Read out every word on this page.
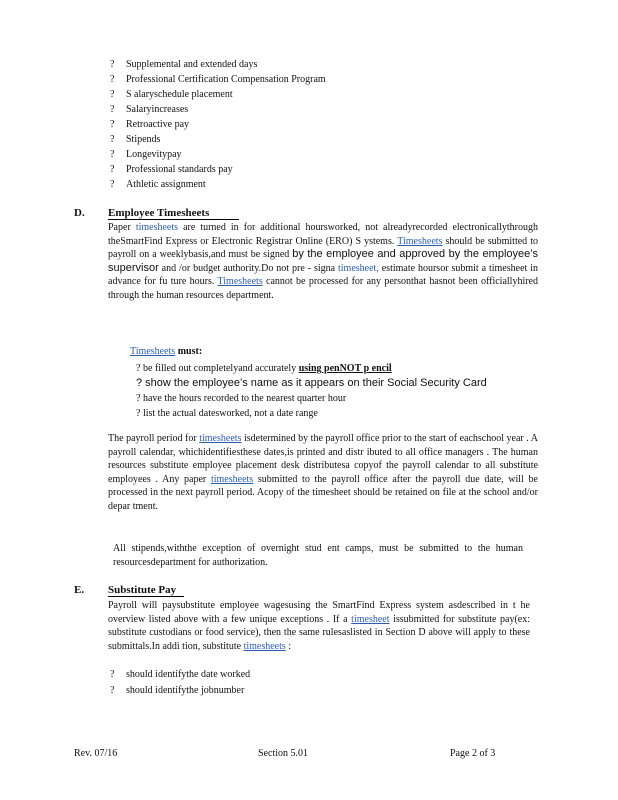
? Supplemental and extended days
? Professional Certification Compensation Program
? S alaryschedule placement
? Salaryincreases
? Retroactive pay
? Stipends
? Longevitypay
? Professional standards pay
? Athletic assignment
D. Employee Timesheets
Paper timesheets are turned in for additional hoursworked, not alreadyrecorded electronicallythrough theSmartFind Express or Electronic Registrar Online (ERO) S ystems. Timesheets should be submitted to payroll on a weeklybasis,and must be signed by the employee and approved by the employee’s supervisor and /or budget authority.Do not pre - signa timesheet, estimate hoursor submit a timesheet in advance for fu ture hours. Timesheets cannot be processed for any personthat hasnot been officiallyhired through the human resources department.
Timesheets must:
? be filled out completelyand accurately using penNOT p encil
? show the employee’s name as it appears on their Social Security Card
? have the hours recorded to the nearest quarter hour
? list the actual datesworked, not a date range
The payroll period for timesheets isdetermined by the payroll office prior to the start of eachschool year . A payroll calendar, whichidentifiesthese dates,is printed and distr ibuted to all office managers . The human resources substitute employee placement desk distributesa copyof the payroll calendar to all substitute employees . Any paper timesheets submitted to the payroll office after the payroll due date, will be processed in the next payroll period. Acopy of the timesheet should be retained on file at the school and/or depar tment.
All stipends,withthe exception of overnight stud ent camps, must be submitted to the human resourcesdepartment for authorization.
E. Substitute Pay
Payroll will paysubstitute employee wagesusing the SmartFind Express system asdescribed in t he overview listed above with a few unique exceptions . If a timesheet issubmitted for substitute pay(ex: substitute custodians or food service), then the same rulesaslisted in Section D above will apply to these submittals.In addi tion, substitute timesheets :
? should identifythe date worked
? should identifythe jobnumber
Rev. 07/16	Section 5.01	Page 2 of 3
